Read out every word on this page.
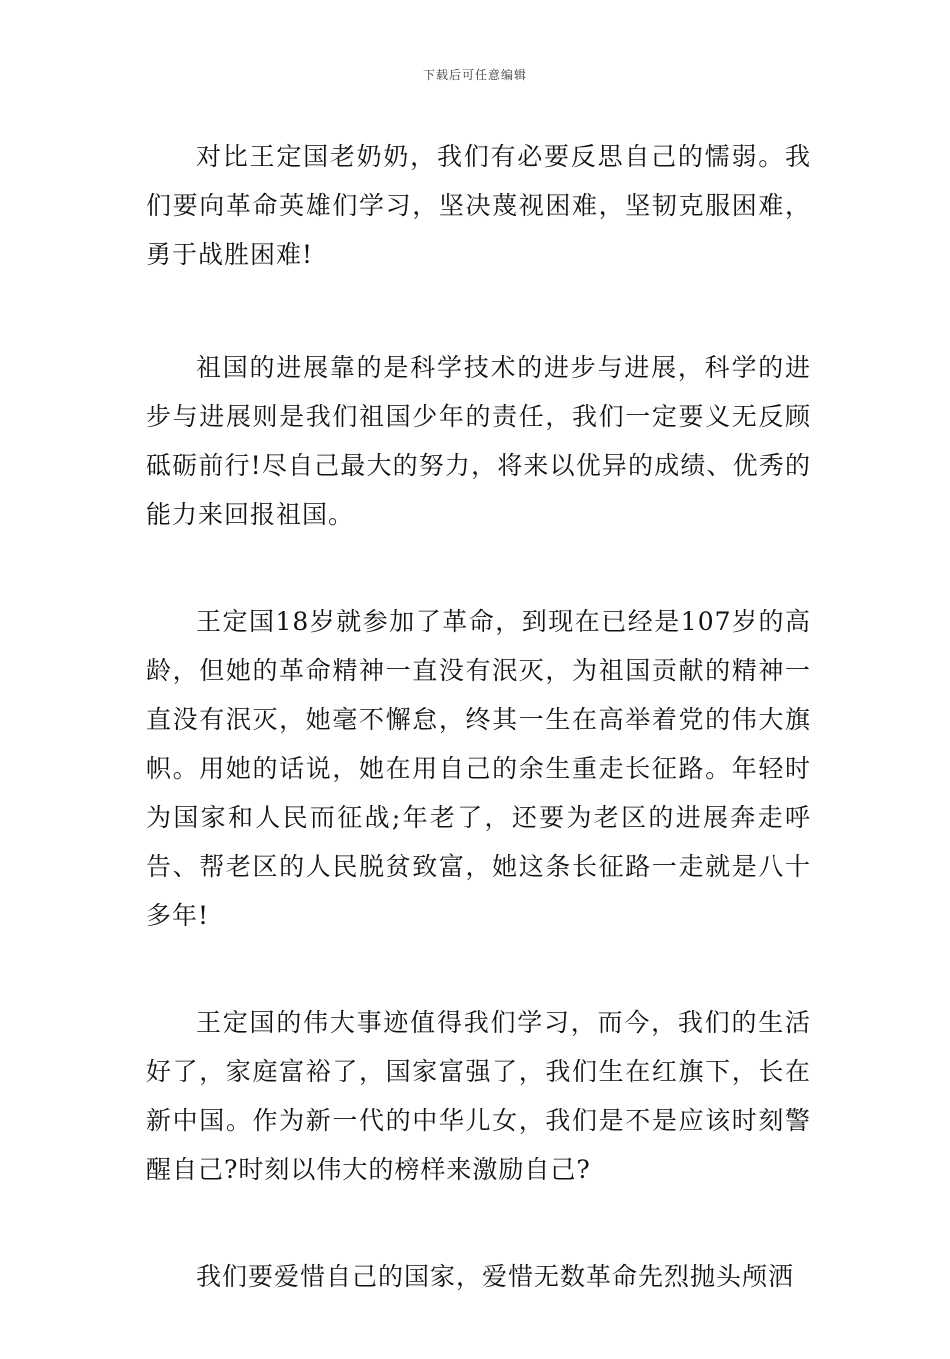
下载后可任意编辑

对比王定国老奶奶，我们有必要反思自己的懦弱。我们要向革命英雄们学习，坚决蔑视困难，坚韧克服困难，勇于战胜困难!

祖国的进展靠的是科学技术的进步与进展，科学的进步与进展则是我们祖国少年的责任，我们一定要义无反顾砥砺前行!尽自己最大的努力，将来以优异的成绩、优秀的能力来回报祖国。

王定国18岁就参加了革命，到现在已经是107岁的高龄，但她的革命精神一直没有泯灭，为祖国贡献的精神一直没有泯灭，她毫不懈怠，终其一生在高举着党的伟大旗帜。用她的话说，她在用自己的余生重走长征路。年轻时为国家和人民而征战;年老了，还要为老区的进展奔走呼告、帮老区的人民脱贫致富，她这条长征路一走就是八十多年!

王定国的伟大事迹值得我们学习，而今，我们的生活好了，家庭富裕了，国家富强了，我们生在红旗下，长在新中国。作为新一代的中华儿女，我们是不是应该时刻警醒自己?时刻以伟大的榜样来激励自己?

我们要爱惜自己的国家，爱惜无数革命先烈抛头颅洒
